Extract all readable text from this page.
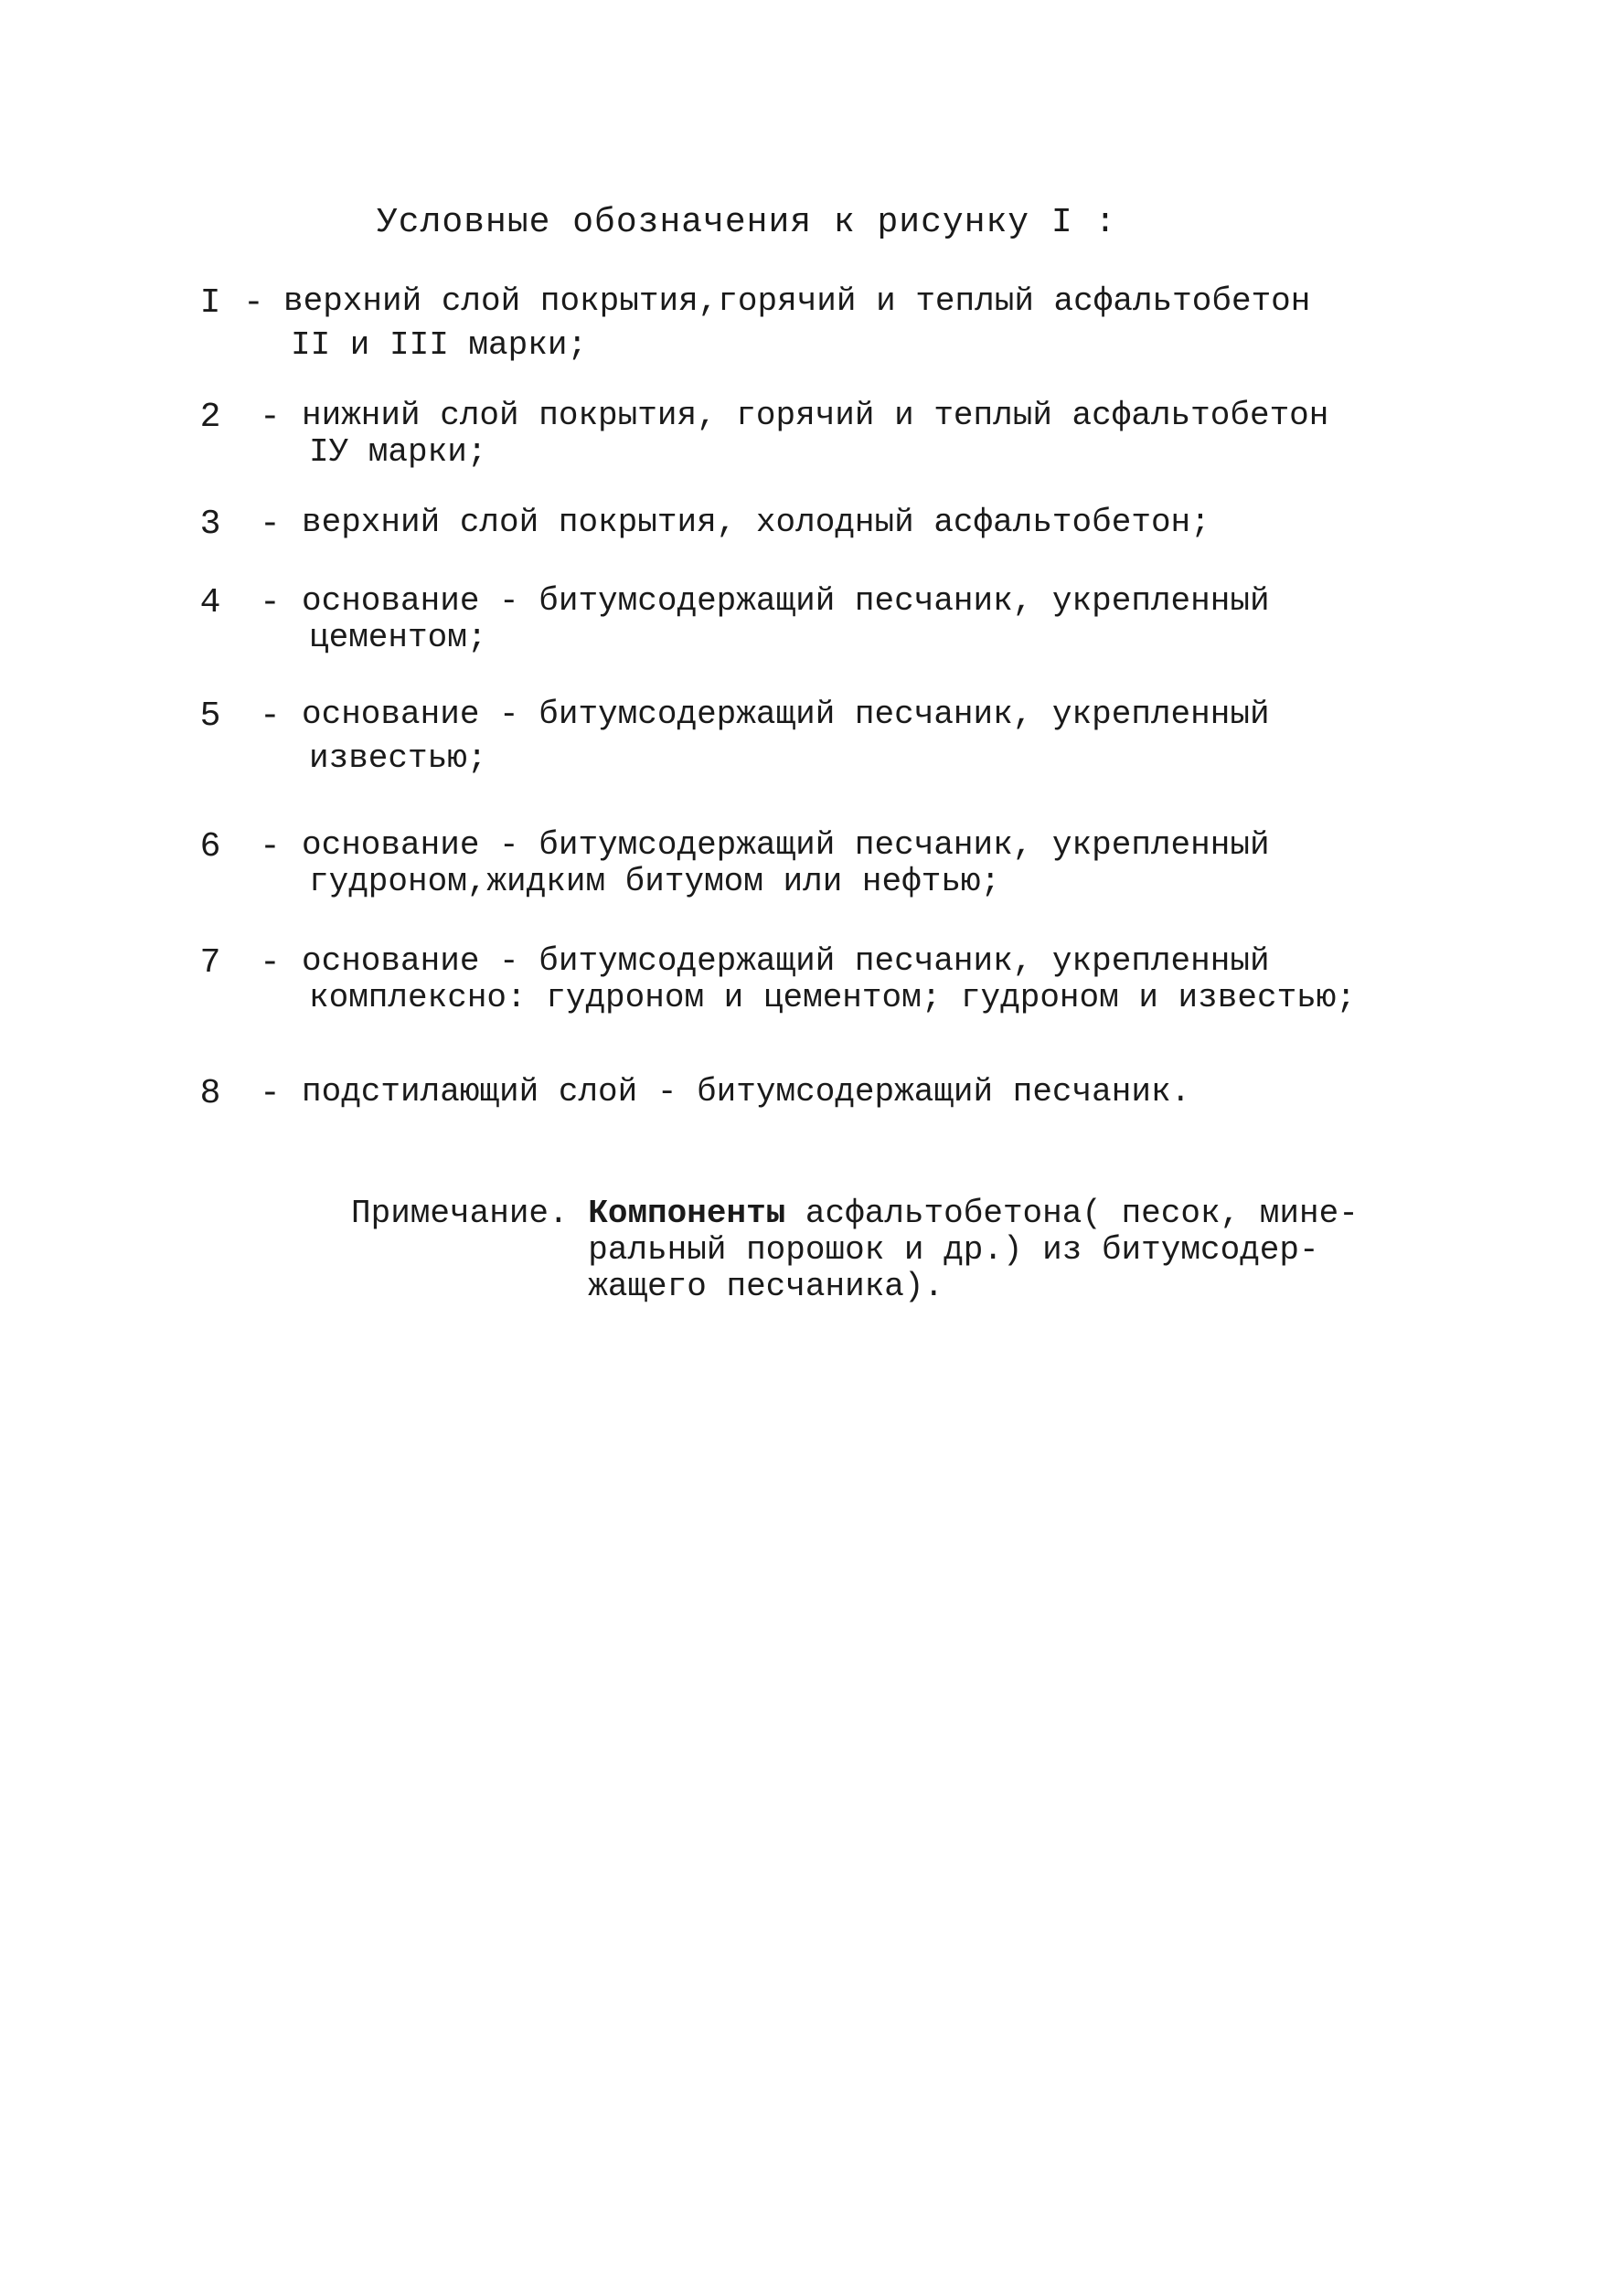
Условные обозначения к рисунку I :
I - верхний слой покрытия,горячий и теплый асфальтобетон
II и III марки;
2	- нижний слой покрытия, горячий и теплый асфальтобетон
IУ марки;
3	- верхний слой покрытия, холодный асфальтобетон;
4	- основание - битумсодержащий песчаник, укрепленный
цементом;
5	- основание - битумсодержащий песчаник, укрепленный
известью;
6	- основание - битумсодержащий песчаник, укрепленный
гудроном,жидким битумом или нефтью;
7	- основание - битумсодержащий песчаник, укрепленный
комплексно: гудроном и цементом; гудроном и известью;
8	- подстилающий слой - битумсодержащий песчаник.
Примечание. Компоненты асфальтобетона( песок, мине-
ральный порошок и др.) из битумсодер-
жащего песчаника).
